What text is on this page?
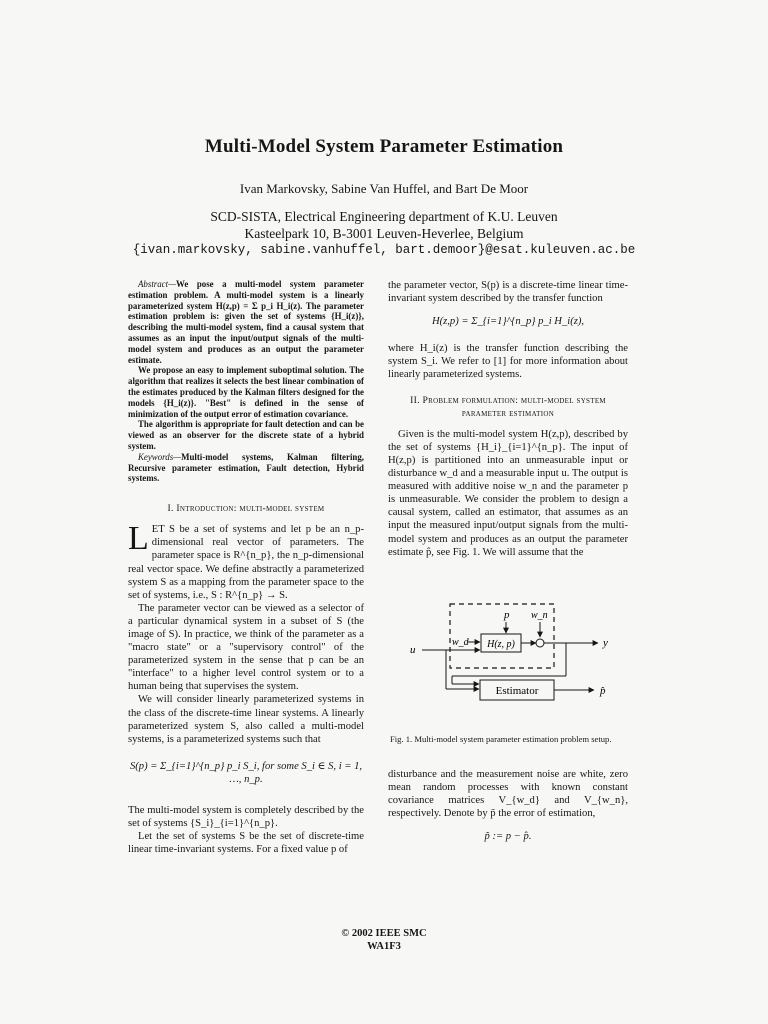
Multi-Model System Parameter Estimation
Ivan Markovsky, Sabine Van Huffel, and Bart De Moor
SCD-SISTA, Electrical Engineering department of K.U. Leuven
Kasteelpark 10, B-3001 Leuven-Heverlee, Belgium
{ivan.markovsky, sabine.vanhuffel, bart.demoor}@esat.kuleuven.ac.be

Abstract—We pose a multi-model system parameter estimation problem. A multi-model system is a linearly parameterized system H(z,p) = Σ p_i H_i(z). The parameter estimation problem is: given the set of systems {H_i(z)}, describing the multi-model system, find a causal system that assumes as an input the input/output signals of the multi-model system and produces as an output the parameter estimate.

We propose an easy to implement suboptimal solution. The algorithm that realizes it selects the best linear combination of the estimates produced by the Kalman filters designed for the models {H_i(z)}. "Best" is defined in the sense of minimization of the output error of estimation covariance.

The algorithm is appropriate for fault detection and can be viewed as an observer for the discrete state of a hybrid system.

Keywords—Multi-model systems, Kalman filtering, Recursive parameter estimation, Fault detection, Hybrid systems.

I. Introduction: multi-model system

LET S be a set of systems and let p be an n_p-dimensional real vector of parameters. The parameter space is R^{n_p}, the n_p-dimensional real vector space. We define abstractly a parameterized system S as a mapping from the parameter space to the set of systems, i.e., S : R^{n_p} → S.

The parameter vector can be viewed as a selector of a particular dynamical system in a subset of S (the image of S). In practice, we think of the parameter as a "macro state" or a "supervisory control" of the parameterized system in the sense that p can be an "interface" to a higher level control system or to a human being that supervises the system.

We will consider linearly parameterized systems in the class of the discrete-time linear systems. A linearly parameterized system S, also called a multi-model systems, is a parameterized systems such that

S(p) = Σ_{i=1}^{n_p} p_i S_i, for some S_i ∈ S, i = 1, …, n_p.

The multi-model system is completely described by the set of systems {S_i}_{i=1}^{n_p}.

Let the set of systems S be the set of discrete-time linear time-invariant systems. For a fixed value p of

the parameter vector, S(p) is a discrete-time linear time-invariant system described by the transfer function

H(z,p) = Σ_{i=1}^{n_p} p_i H_i(z),

where H_i(z) is the transfer function describing the system S_i. We refer to [1] for more information about linearly parameterized systems.

II. Problem formulation: multi-model system parameter estimation

Given is the multi-model system H(z,p), described by the set of systems {H_i}_{i=1}^{n_p}. The input of H(z,p) is partitioned into an unmeasurable input or disturbance w_d and a measurable input u. The output is measured with additive noise w_n and the parameter p is unmeasurable. We consider the problem to design a causal system, called an estimator, that assumes as an input the measured input/output signals from the multi-model system and produces as an output the parameter estimate p̂, see Fig. 1. We will assume that the

p w_n
w_d H(z, p)	y
u
Estimator	p̂
Fig. 1. Multi-model system parameter estimation problem setup.

disturbance and the measurement noise are white, zero mean random processes with known constant covariance matrices V_{w_d} and V_{w_n}, respectively. Denote by p̃ the error of estimation,

p̃ := p − p̂.
© 2002 IEEE SMC
WA1F3
